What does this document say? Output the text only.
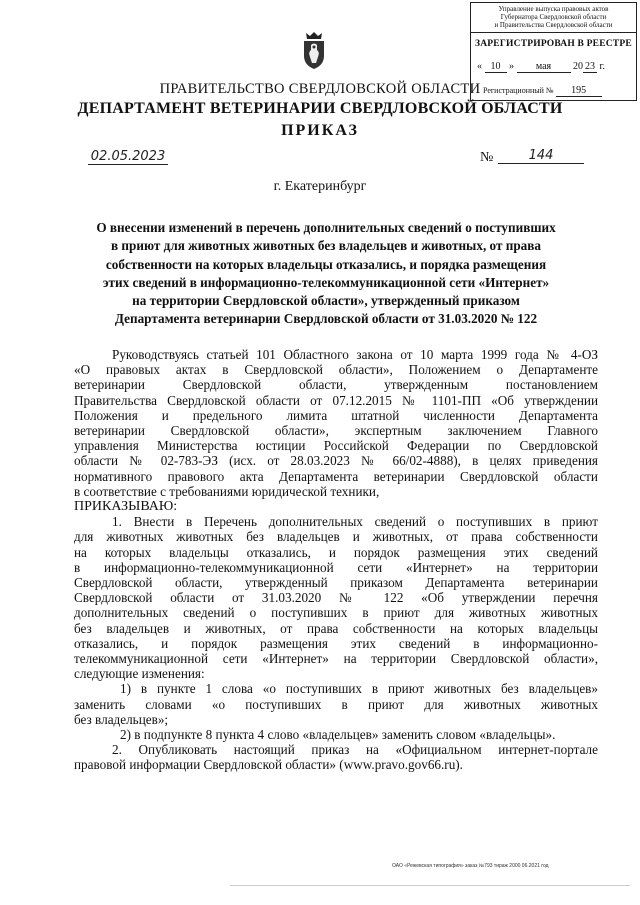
Управление выпуска правовых актов
Губернатора Свердловской области
и Правительства Свердловской области
ЗАРЕГИСТРИРОВАН В РЕЕСТРЕ
« 10 » мая 20 23 г.
Регистрационный № 195
ПРАВИТЕЛЬСТВО СВЕРДЛОВСКОЙ ОБЛАСТИ
ДЕПАРТАМЕНТ ВЕТЕРИНАРИИ СВЕРДЛОВСКОЙ ОБЛАСТИ
ПРИКАЗ
02.05.2023	№	144
г. Екатеринбург
О внесении изменений в перечень дополнительных сведений о поступивших
в приют для животных животных без владельцев и животных, от права
собственности на которых владельцы отказались, и порядка размещения
этих сведений в информационно-телекоммуникационной сети «Интернет»
на территории Свердловской области», утвержденный приказом
Департамента ветеринарии Свердловской области от 31.03.2020 № 122
Руководствуясь статьей 101 Областного закона от 10 марта 1999 года № 4-ОЗ
«О правовых актах в Свердловской области», Положением о Департаменте
ветеринарии Свердловской области, утвержденным постановлением
Правительства Свердловской области от 07.12.2015 № 1101-ПП «Об утверждении
Положения и предельного лимита штатной численности Департамента
ветеринарии Свердловской области», экспертным заключением Главного
управления Министерства юстиции Российской Федерации по Свердловской
области № 02-783-ЭЗ (исх. от 28.03.2023 № 66/02-4888), в целях приведения
нормативного правового акта Департамента ветеринарии Свердловской области
в соответствие с требованиями юридической техники,
ПРИКАЗЫВАЮ:
1. Внести в Перечень дополнительных сведений о поступивших в приют
для животных животных без владельцев и животных, от права собственности
на которых владельцы отказались, и порядок размещения этих сведений
в информационно-телекоммуникационной сети «Интернет» на территории
Свердловской области, утвержденный приказом Департамента ветеринарии
Свердловской области от 31.03.2020 № 122 «Об утверждении перечня
дополнительных сведений о поступивших в приют для животных животных
без владельцев и животных, от права собственности на которых владельцы
отказались, и порядок размещения этих сведений в информационно-
телекоммуникационной сети «Интернет» на территории Свердловской области»,
следующие изменения:
1) в пункте 1 слова «о поступивших в приют животных без владельцев»
заменить словами «о поступивших в приют для животных животных
без владельцев»;
2) в подпункте 8 пункта 4 слово «владельцев» заменить словом «владельцы».
2. Опубликовать настоящий приказ на «Официальном интернет-портале
правовой информации Свердловской области» (www.pravo.gov66.ru).
ОАО «Режевская типография» заказ №793 тираж 2000 06.2021 год
